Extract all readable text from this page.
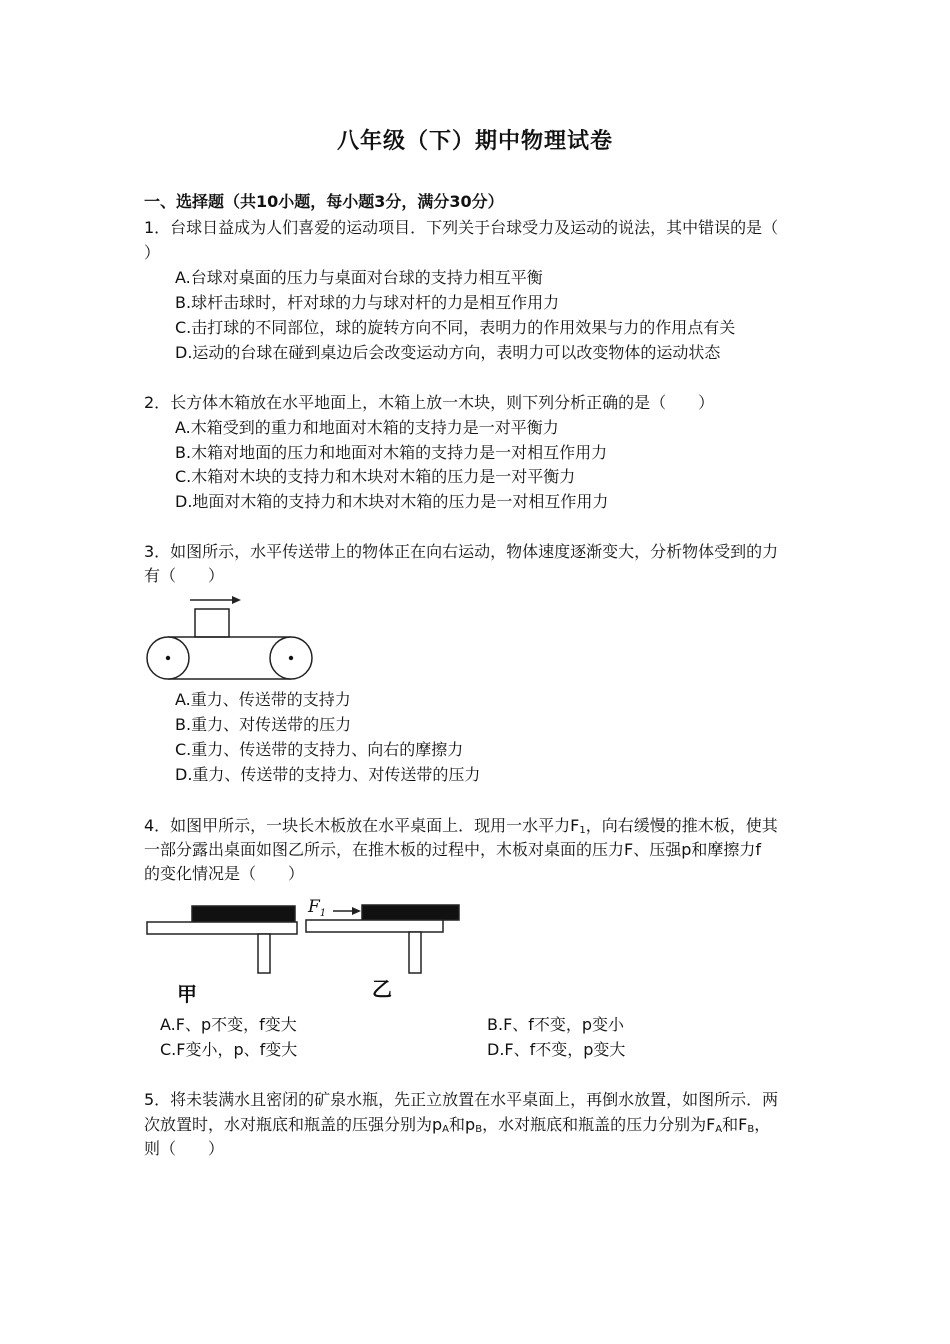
八年级（下）期中物理试卷
一、选择题（共10小题，每小题3分，满分30分）
1．台球日益成为人们喜爱的运动项目．下列关于台球受力及运动的说法，其中错误的是（
）
A.台球对桌面的压力与桌面对台球的支持力相互平衡
B.球杆击球时，杆对球的力与球对杆的力是相互作用力
C.击打球的不同部位，球的旋转方向不同，表明力的作用效果与力的作用点有关
D.运动的台球在碰到桌边后会改变运动方向，表明力可以改变物体的运动状态
2．长方体木箱放在水平地面上，木箱上放一木块，则下列分析正确的是（　　）
A.木箱受到的重力和地面对木箱的支持力是一对平衡力
B.木箱对地面的压力和地面对木箱的支持力是一对相互作用力
C.木箱对木块的支持力和木块对木箱的压力是一对平衡力
D.地面对木箱的支持力和木块对木箱的压力是一对相互作用力
3．如图所示，水平传送带上的物体正在向右运动，物体速度逐渐变大，分析物体受到的力
有（　　）
A.重力、传送带的支持力
B.重力、对传送带的压力
C.重力、传送带的支持力、向右的摩擦力
D.重力、传送带的支持力、对传送带的压力
4．如图甲所示，一块长木板放在水平桌面上．现用一水平力$F_1$，向右缓慢的推木板，使其
一部分露出桌面如图乙所示，在推木板的过程中，木板对桌面的压力F、压强p和摩擦力f
的变化情况是（　　）
$F_1$
甲	乙
A.F、p不变，f变大	B.F、f不变，p变小
C.F变小，p、f变大	D.F、f不变，p变大
5．将未装满水且密闭的矿泉水瓶，先正立放置在水平桌面上，再倒水放置，如图所示．两
次放置时，水对瓶底和瓶盖的压强分别为$p_A$和$p_B$，水对瓶底和瓶盖的压力分别为$F_A$和$F_B$，
则（　　）
